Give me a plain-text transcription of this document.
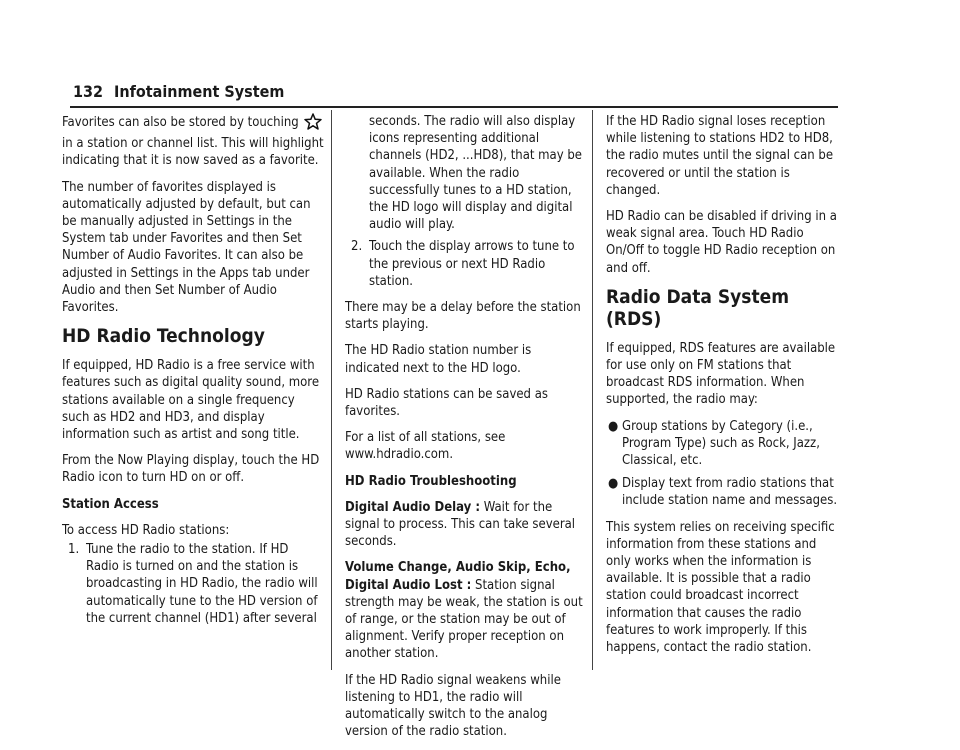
132 Infotainment System

Favorites can also be stored by touching  in a station or channel list. This will highlight indicating that it is now saved as a favorite.

The number of favorites displayed is automatically adjusted by default, but can be manually adjusted in Settings in the System tab under Favorites and then Set Number of Audio Favorites. It can also be adjusted in Settings in the Apps tab under Audio and then Set Number of Audio Favorites.

HD Radio Technology

If equipped, HD Radio is a free service with features such as digital quality sound, more stations available on a single frequency such as HD2 and HD3, and display information such as artist and song title.

From the Now Playing display, touch the HD Radio icon to turn HD on or off.

Station Access

To access HD Radio stations:

1. Tune the radio to the station. If HD Radio is turned on and the station is broadcasting in HD Radio, the radio will automatically tune to the HD version of the current channel (HD1) after several
seconds. The radio will also display icons representing additional channels (HD2, ...HD8), that may be available. When the radio successfully tunes to a HD station, the HD logo will display and digital audio will play.
2. Touch the display arrows to tune to the previous or next HD Radio station.

There may be a delay before the station starts playing.

The HD Radio station number is indicated next to the HD logo.

HD Radio stations can be saved as favorites.

For a list of all stations, see www.hdradio.com.

HD Radio Troubleshooting

Digital Audio Delay : Wait for the signal to process. This can take several seconds.

Volume Change, Audio Skip, Echo, Digital Audio Lost : Station signal strength may be weak, the station is out of range, or the station may be out of alignment. Verify proper reception on another station.

If the HD Radio signal weakens while listening to HD1, the radio will automatically switch to the analog version of the radio station.

If the HD Radio signal loses reception while listening to stations HD2 to HD8, the radio mutes until the signal can be recovered or until the station is changed.

HD Radio can be disabled if driving in a weak signal area. Touch HD Radio On/Off to toggle HD Radio reception on and off.

Radio Data System (RDS)

If equipped, RDS features are available for use only on FM stations that broadcast RDS information. When supported, the radio may:

● Group stations by Category (i.e., Program Type) such as Rock, Jazz, Classical, etc.
● Display text from radio stations that include station name and messages.

This system relies on receiving specific information from these stations and only works when the information is available. It is possible that a radio station could broadcast incorrect information that causes the radio features to work improperly. If this happens, contact the radio station.
